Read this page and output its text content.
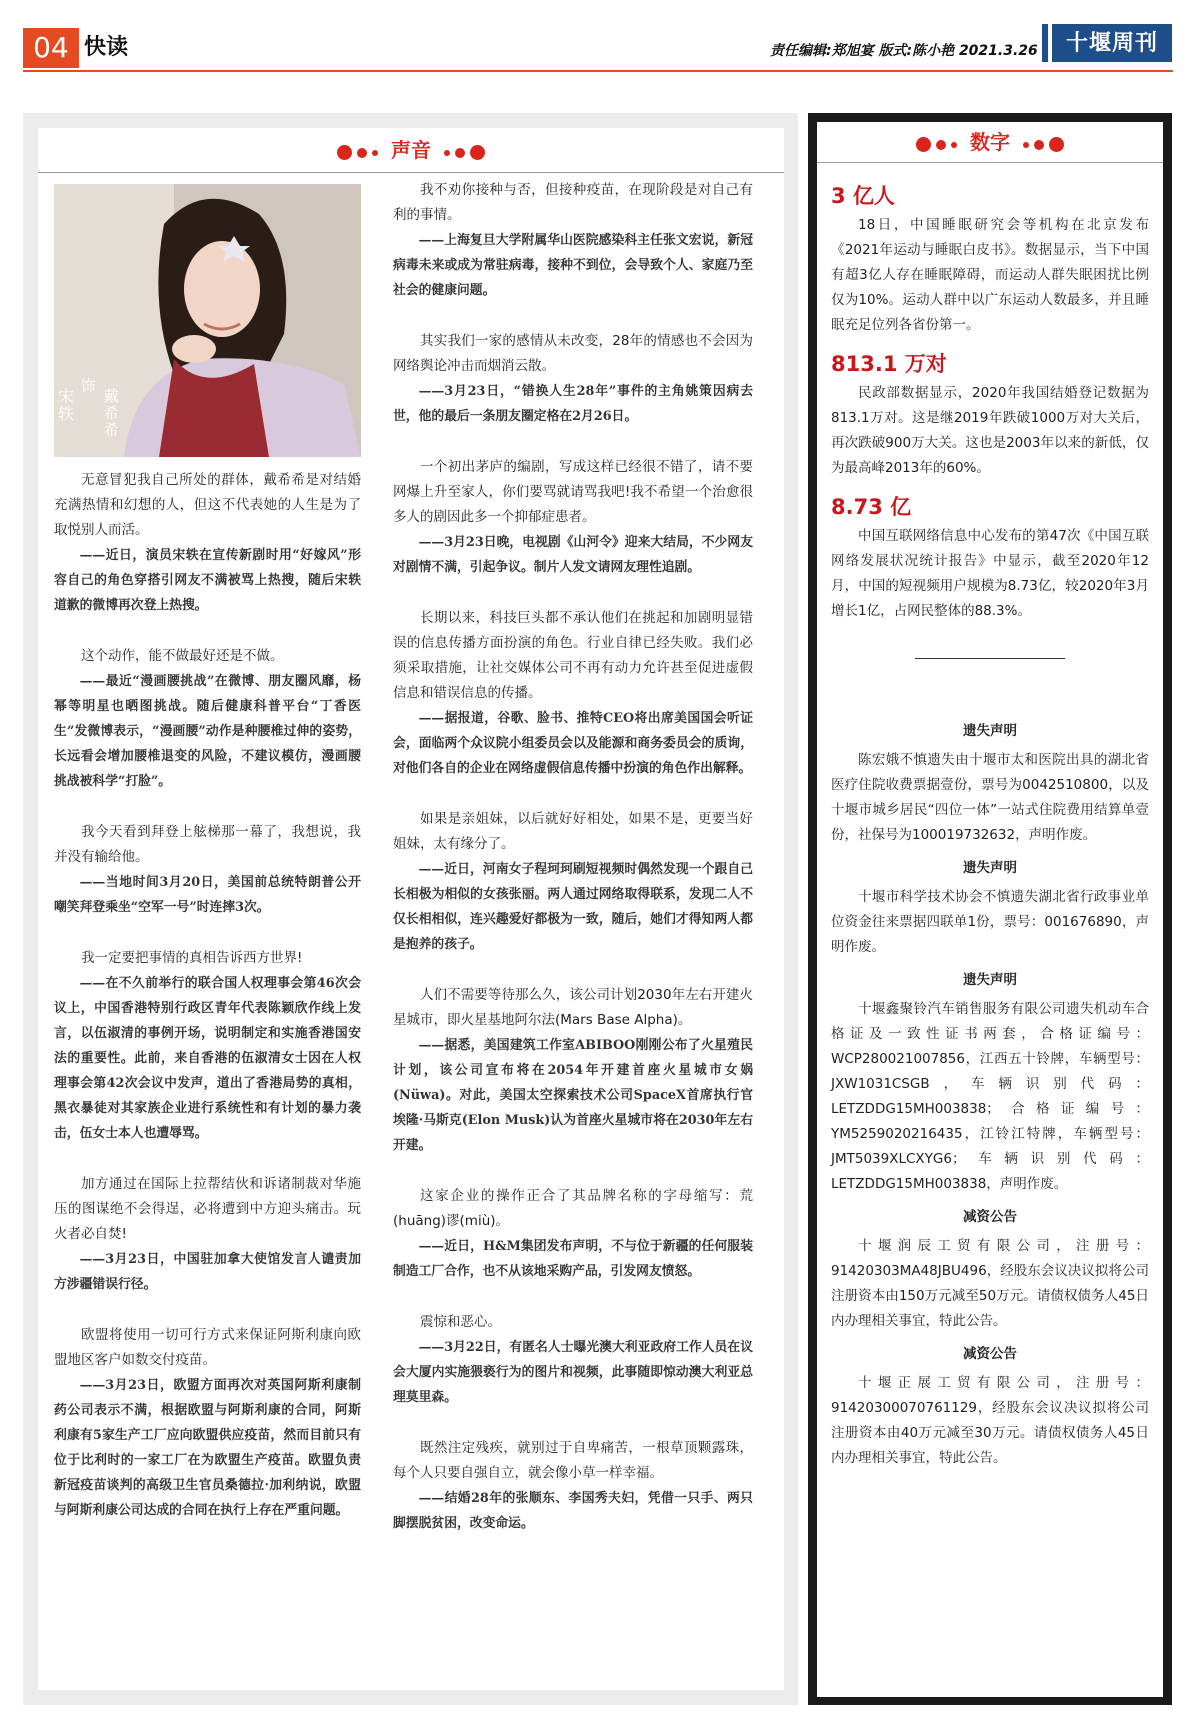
04 快读	责任编辑:郑旭宴 版式:陈小艳 2021.3.26	十堰周刊
声音
宋轶 饰 戴希希

无意冒犯我自己所处的群体，戴希希是对结婚充满热情和幻想的人，但这不代表她的人生是为了取悦别人而活。

——近日，演员宋轶在宣传新剧时用“好嫁风”形容自己的角色穿搭引网友不满被骂上热搜，随后宋轶道歉的微博再次登上热搜。

这个动作，能不做最好还是不做。

——最近“漫画腰挑战”在微博、朋友圈风靡，杨幂等明星也晒图挑战。随后健康科普平台“丁香医生”发微博表示，“漫画腰”动作是种腰椎过伸的姿势，长远看会增加腰椎退变的风险，不建议模仿，漫画腰挑战被科学“打脸”。

我今天看到拜登上舷梯那一幕了，我想说，我并没有输给他。

——当地时间3月20日，美国前总统特朗普公开嘲笑拜登乘坐“空军一号”时连摔3次。

我一定要把事情的真相告诉西方世界!

——在不久前举行的联合国人权理事会第46次会议上，中国香港特别行政区青年代表陈颖欣作线上发言，以伍淑清的事例开场，说明制定和实施香港国安法的重要性。此前，来自香港的伍淑清女士因在人权理事会第42次会议中发声，道出了香港局势的真相，黑衣暴徒对其家族企业进行系统性和有计划的暴力袭击，伍女士本人也遭辱骂。

加方通过在国际上拉帮结伙和诉诸制裁对华施压的图谋绝不会得逞，必将遭到中方迎头痛击。玩火者必自焚!

——3月23日，中国驻加拿大使馆发言人谴责加方涉疆错误行径。

欧盟将使用一切可行方式来保证阿斯利康向欧盟地区客户如数交付疫苗。

——3月23日，欧盟方面再次对英国阿斯利康制药公司表示不满，根据欧盟与阿斯利康的合同，阿斯利康有5家生产工厂应向欧盟供应疫苗，然而目前只有位于比利时的一家工厂在为欧盟生产疫苗。欧盟负责新冠疫苗谈判的高级卫生官员桑德拉·加利纳说，欧盟与阿斯利康公司达成的合同在执行上存在严重问题。

我不劝你接种与否，但接种疫苗，在现阶段是对自己有利的事情。

——上海复旦大学附属华山医院感染科主任张文宏说，新冠病毒未来或成为常驻病毒，接种不到位，会导致个人、家庭乃至社会的健康问题。

其实我们一家的感情从未改变，28年的情感也不会因为网络舆论冲击而烟消云散。

——3月23日，“错换人生28年”事件的主角姚策因病去世，他的最后一条朋友圈定格在2月26日。

一个初出茅庐的编剧，写成这样已经很不错了，请不要网爆上升至家人，你们要骂就请骂我吧!我不希望一个治愈很多人的剧因此多一个抑郁症患者。

——3月23日晚，电视剧《山河令》迎来大结局，不少网友对剧情不满，引起争议。制片人发文请网友理性追剧。

长期以来，科技巨头都不承认他们在挑起和加剧明显错误的信息传播方面扮演的角色。行业自律已经失败。我们必须采取措施，让社交媒体公司不再有动力允许甚至促进虚假信息和错误信息的传播。

——据报道，谷歌、脸书、推特CEO将出席美国国会听证会，面临两个众议院小组委员会以及能源和商务委员会的质询，对他们各自的企业在网络虚假信息传播中扮演的角色作出解释。

如果是亲姐妹，以后就好好相处，如果不是，更要当好姐妹，太有缘分了。

——近日，河南女子程珂珂刷短视频时偶然发现一个跟自己长相极为相似的女孩张丽。两人通过网络取得联系，发现二人不仅长相相似，连兴趣爱好都极为一致，随后，她们才得知两人都是抱养的孩子。

人们不需要等待那么久，该公司计划2030年左右开建火星城市，即火星基地阿尔法(Mars Base Alpha)。

——据悉，美国建筑工作室ABIBOO刚刚公布了火星殖民计划，该公司宣布将在2054年开建首座火星城市女娲(Nüwa)。对此，美国太空探索技术公司SpaceX首席执行官埃隆·马斯克(Elon Musk)认为首座火星城市将在2030年左右开建。

这家企业的操作正合了其品牌名称的字母缩写：荒(huāng)谬(miù)。

——近日，H&M集团发布声明，不与位于新疆的任何服装制造工厂合作，也不从该地采购产品，引发网友愤怒。

震惊和恶心。

——3月22日，有匿名人士曝光澳大利亚政府工作人员在议会大厦内实施猥亵行为的图片和视频，此事随即惊动澳大利亚总理莫里森。

既然注定残疾，就别过于自卑痛苦，一根草顶颗露珠，每个人只要自强自立，就会像小草一样幸福。

——结婚28年的张顺东、李国秀夫妇，凭借一只手、两只脚摆脱贫困，改变命运。

数字
3 亿人

18日，中国睡眠研究会等机构在北京发布《2021年运动与睡眠白皮书》。数据显示，当下中国有超3亿人存在睡眠障碍，而运动人群失眠困扰比例仅为10%。运动人群中以广东运动人数最多，并且睡眠充足位列各省份第一。

813.1 万对

民政部数据显示，2020年我国结婚登记数据为813.1万对。这是继2019年跌破1000万对大关后，再次跌破900万大关。这也是2003年以来的新低，仅为最高峰2013年的60%。

8.73 亿

中国互联网络信息中心发布的第47次《中国互联网络发展状况统计报告》中显示，截至2020年12月，中国的短视频用户规模为8.73亿，较2020年3月增长1亿，占网民整体的88.3%。

遗失声明

陈宏娥不慎遗失由十堰市太和医院出具的湖北省医疗住院收费票据壹份，票号为0042510800，以及十堰市城乡居民“四位一体”一站式住院费用结算单壹份，社保号为100019732632，声明作废。

遗失声明

十堰市科学技术协会不慎遗失湖北省行政事业单位资金往来票据四联单1份，票号：001676890，声明作废。

遗失声明

十堰鑫聚铃汽车销售服务有限公司遗失机动车合格证及一致性证书两套，合格证编号：WCP280021007856，江西五十铃牌，车辆型号：JXW1031CSGB，车辆识别代码：LETZDDG15MH003838；合格证编号：YM5259020216435，江铃江特牌，车辆型号：JMT5039XLCXYG6；车辆识别代码：LETZDDG15MH003838，声明作废。

减资公告

十堰润辰工贸有限公司，注册号：91420303MA48JBU496，经股东会议决议拟将公司注册资本由150万元减至50万元。请债权债务人45日内办理相关事宜，特此公告。

减资公告

十堰正展工贸有限公司，注册号：91420300070761129，经股东会议决议拟将公司注册资本由40万元减至30万元。请债权债务人45日内办理相关事宜，特此公告。
